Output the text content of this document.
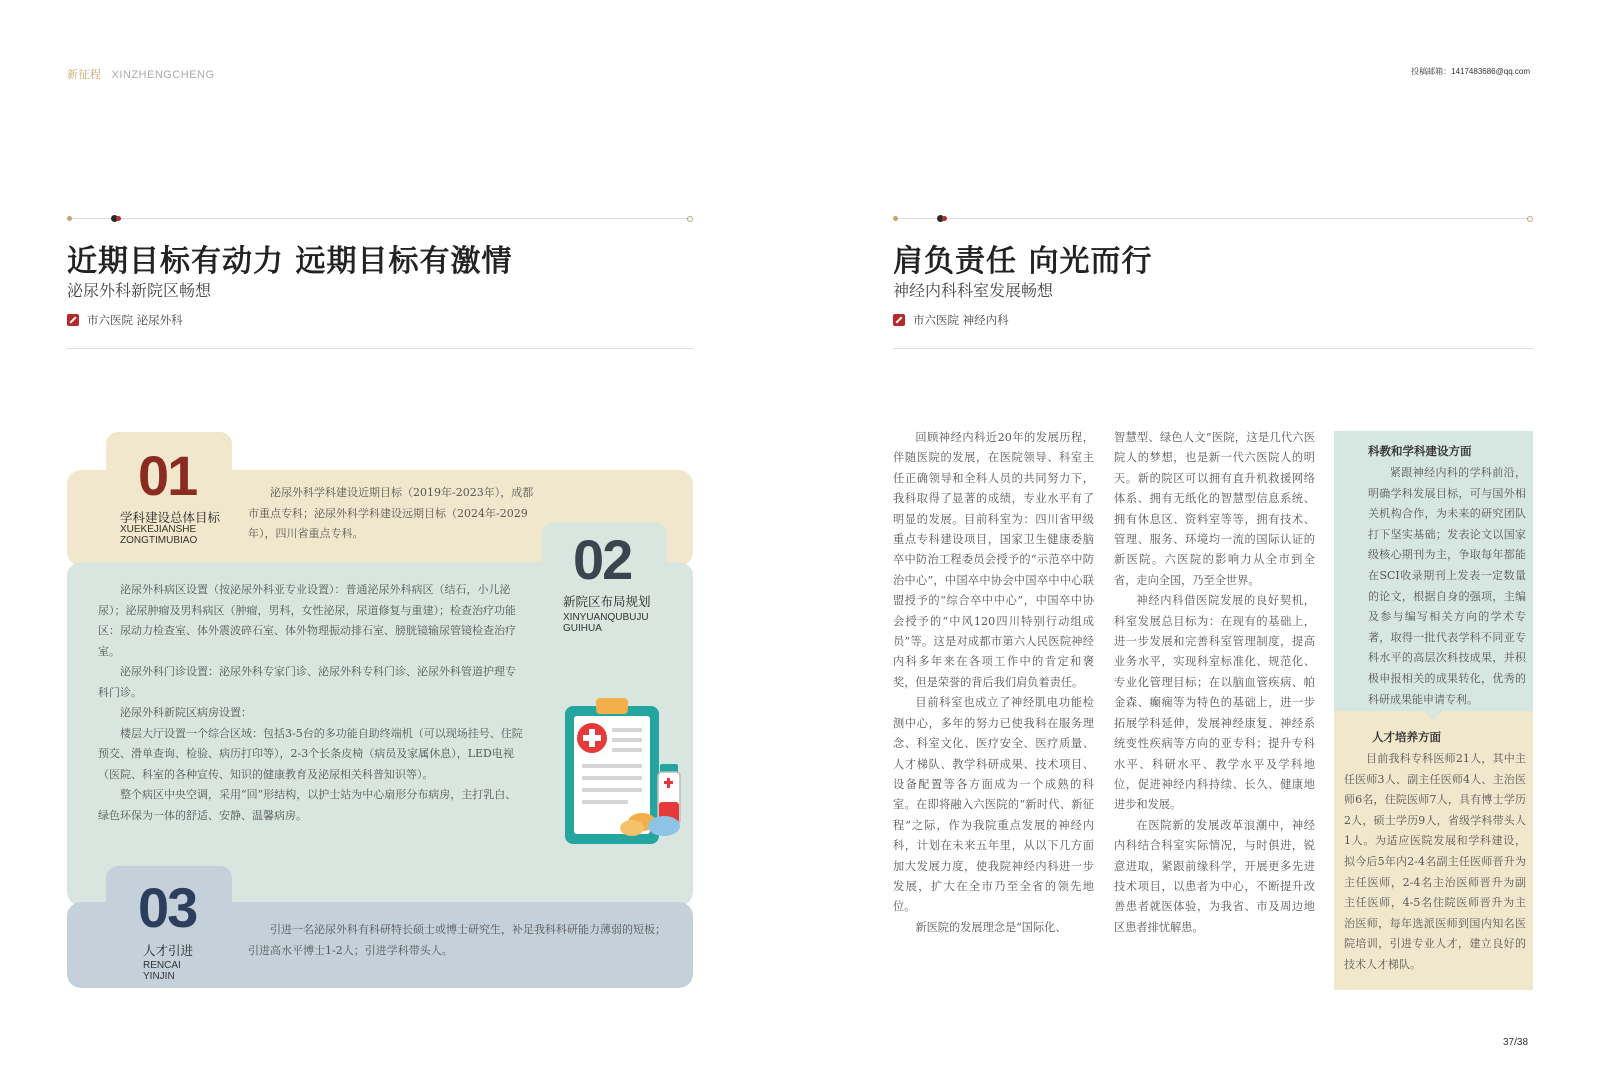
新征程 XINZHENGCHENG	投稿邮箱：1417483686@qq.com
近期目标有动力 远期目标有激情
泌尿外科新院区畅想
市六医院 泌尿外科
01
学科建设总体目标
XUEKEJIANSHE
ZONGTIMUBIAO

泌尿外科学科建设近期目标（2019年-2023年），成都市重点专科；泌尿外科学科建设远期目标（2024年-2029年），四川省重点专科。	02
新院区布局规划
XINYUANQUBUJU
GUIHUA

泌尿外科病区设置（按泌尿外科亚专业设置）：普通泌尿外科病区（结石，小儿泌尿）；泌尿肿瘤及男科病区（肿瘤，男科，女性泌尿，尿道修复与重建）；检查治疗功能区：尿动力检查室、体外震波碎石室、体外物理振动排石室、膀胱镜输尿管镜检查治疗室。

泌尿外科门诊设置：泌尿外科专家门诊、泌尿外科专科门诊、泌尿外科管道护理专科门诊。

泌尿外科新院区病房设置：

楼层大厅设置一个综合区域：包括3-5台的多功能自助终端机（可以现场挂号、住院预交、滑单查询、检验、病历打印等），2-3个长条皮椅（病员及家属休息），LED电视（医院、科室的各种宣传、知识的健康教育及泌尿相关科普知识等）。

整个病区中央空调，采用“回”形结构，以护士站为中心扇形分布病房，主打乳白、绿色环保为一体的舒适、安静、温馨病房。

03
人才引进
RENCAI
YINJIN

引进一名泌尿外科有科研特长硕士或博士研究生，补足我科科研能力薄弱的短板；引进高水平博士1-2人；引进学科带头人。

肩负责任 向光而行
神经内科科室发展畅想
市六医院 神经内科

回顾神经内科近20年的发展历程，伴随医院的发展，在医院领导、科室主任正确领导和全科人员的共同努力下，我科取得了显著的成绩，专业水平有了明显的发展。目前科室为：四川省甲级重点专科建设项目，国家卫生健康委脑卒中防治工程委员会授予的“示范卒中防治中心”，中国卒中协会中国卒中中心联盟授予的“综合卒中中心”，中国卒中协会授予的“中风120四川特别行动组成员”等。这是对成都市第六人民医院神经内科多年来在各项工作中的肯定和褒奖，但是荣誉的背后我们肩负着责任。

目前科室也成立了神经肌电功能检测中心，多年的努力已使我科在服务理念、科室文化、医疗安全、医疗质量、人才梯队、教学科研成果、技术项目、设备配置等各方面成为一个成熟的科室。在即将融入六医院的“新时代、新征程”之际，作为我院重点发展的神经内科，计划在未来五年里，从以下几方面加大发展力度，使我院神经内科进一步发展，扩大在全市乃至全省的领先地位。

新医院的发展理念是“国际化、

智慧型、绿色人文”医院，这是几代六医院人的梦想，也是新一代六医院人的明天。新的院区可以拥有直升机救援网络体系、拥有无纸化的智慧型信息系统、拥有休息区、资料室等等，拥有技术、管理、服务、环境均一流的国际认证的新医院。六医院的影响力从全市到全省，走向全国，乃至全世界。

神经内科借医院发展的良好契机，科室发展总目标为：在现有的基础上，进一步发展和完善科室管理制度，提高业务水平，实现科室标准化、规范化、专业化管理目标；在以脑血管疾病、帕金森、癫痫等为特色的基础上，进一步拓展学科延伸，发展神经康复、神经系统变性疾病等方向的亚专科；提升专科水平、科研水平、教学水平及学科地位，促进神经内科持续、长久、健康地进步和发展。

在医院新的发展改革浪潮中，神经内科结合科室实际情况，与时俱进，锐意进取，紧跟前缘科学，开展更多先进技术项目，以患者为中心，不断提升改善患者就医体验，为我省、市及周边地区患者排忧解患。

科教和学科建设方面

紧跟神经内科的学科前沿，明确学科发展目标，可与国外相关机构合作，为未来的研究团队打下坚实基础；发表论文以国家级核心期刊为主，争取每年都能在SCI收录期刊上发表一定数量的论文，根据自身的强项，主编及参与编写相关方向的学术专著，取得一批代表学科不同亚专科水平的高层次科技成果，并积极申报相关的成果转化，优秀的科研成果能申请专利。

人才培养方面

目前我科专科医师21人，其中主任医师3人、副主任医师4人、主治医师6名，住院医师7人，具有博士学历2人，硕士学历9人，省级学科带头人1人。为适应医院发展和学科建设，拟今后5年内2-4名副主任医师晋升为主任医师，2-4名主治医师晋升为副主任医师，4-5名住院医师晋升为主治医师，每年选派医师到国内知名医院培训，引进专业人才，建立良好的技术人才梯队。

37/38
